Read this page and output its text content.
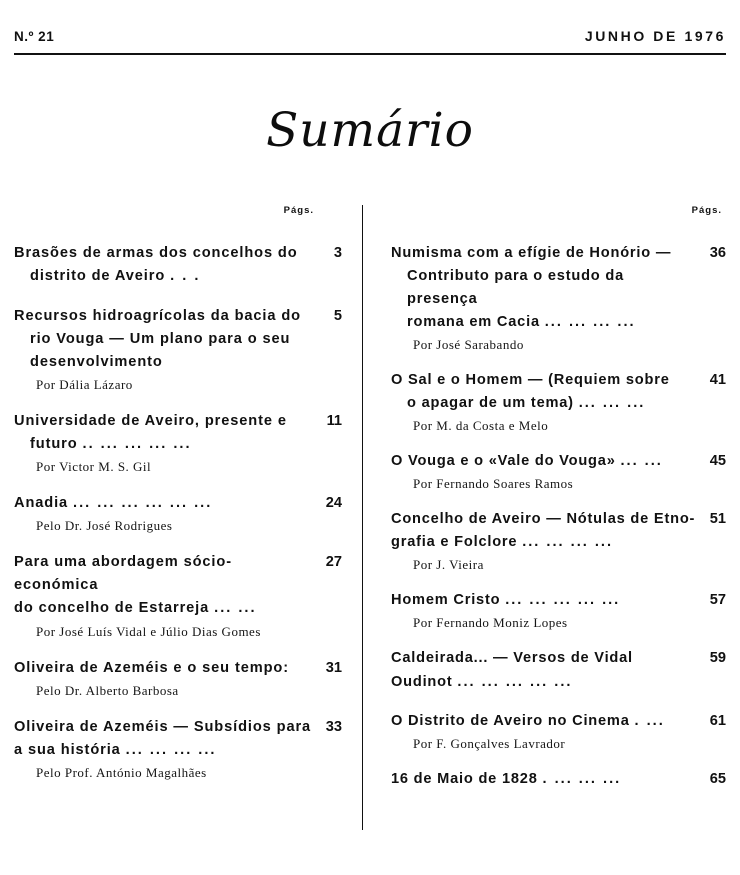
N.º 21	JUNHO DE 1976
Sumário
Págs.
Brasões de armas dos concelhos do
distrito de Aveiro . . .
3
Recursos hidroagrícolas da bacia do
rio Vouga — Um plano para o seu
desenvolvimento
5
Por Dália Lázaro
Universidade de Aveiro, presente e
futuro .. ... ... ... ...
11
Por Victor M. S. Gil
Anadia ... ... ... ... ... ...	24
Pelo Dr. José Rodrigues
Para uma abordagem sócio-económica
do concelho de Estarreja ... ...
27
Por José Luís Vidal e Júlio Dias Gomes
Oliveira de Azeméis e o seu tempo:	31
Pelo Dr. Alberto Barbosa
Oliveira de Azeméis — Subsídios para
a sua história ... ... ... ...
33
Pelo Prof. António Magalhães
Págs.
Numisma com a efígie de Honório —
Contributo para o estudo da presença
romana em Cacia ... ... ... ...
36
Por José Sarabando
O Sal e o Homem — (Requiem sobre
o apagar de um tema) ... ... ...
41
Por M. da Costa e Melo
O Vouga e o «Vale do Vouga» ... ...	45
Por Fernando Soares Ramos
Concelho de Aveiro — Nótulas de Etno-
grafia e Folclore ... ... ... ...
51
Por J. Vieira
Homem Cristo ... ... ... ... ...	57
Por Fernando Moniz Lopes
Caldeirada... — Versos de Vidal
Oudinot ... ... ... ... ...
59
O Distrito de Aveiro no Cinema . ...	61
Por F. Gonçalves Lavrador
16 de Maio de 1828 . ... ... ...	65
